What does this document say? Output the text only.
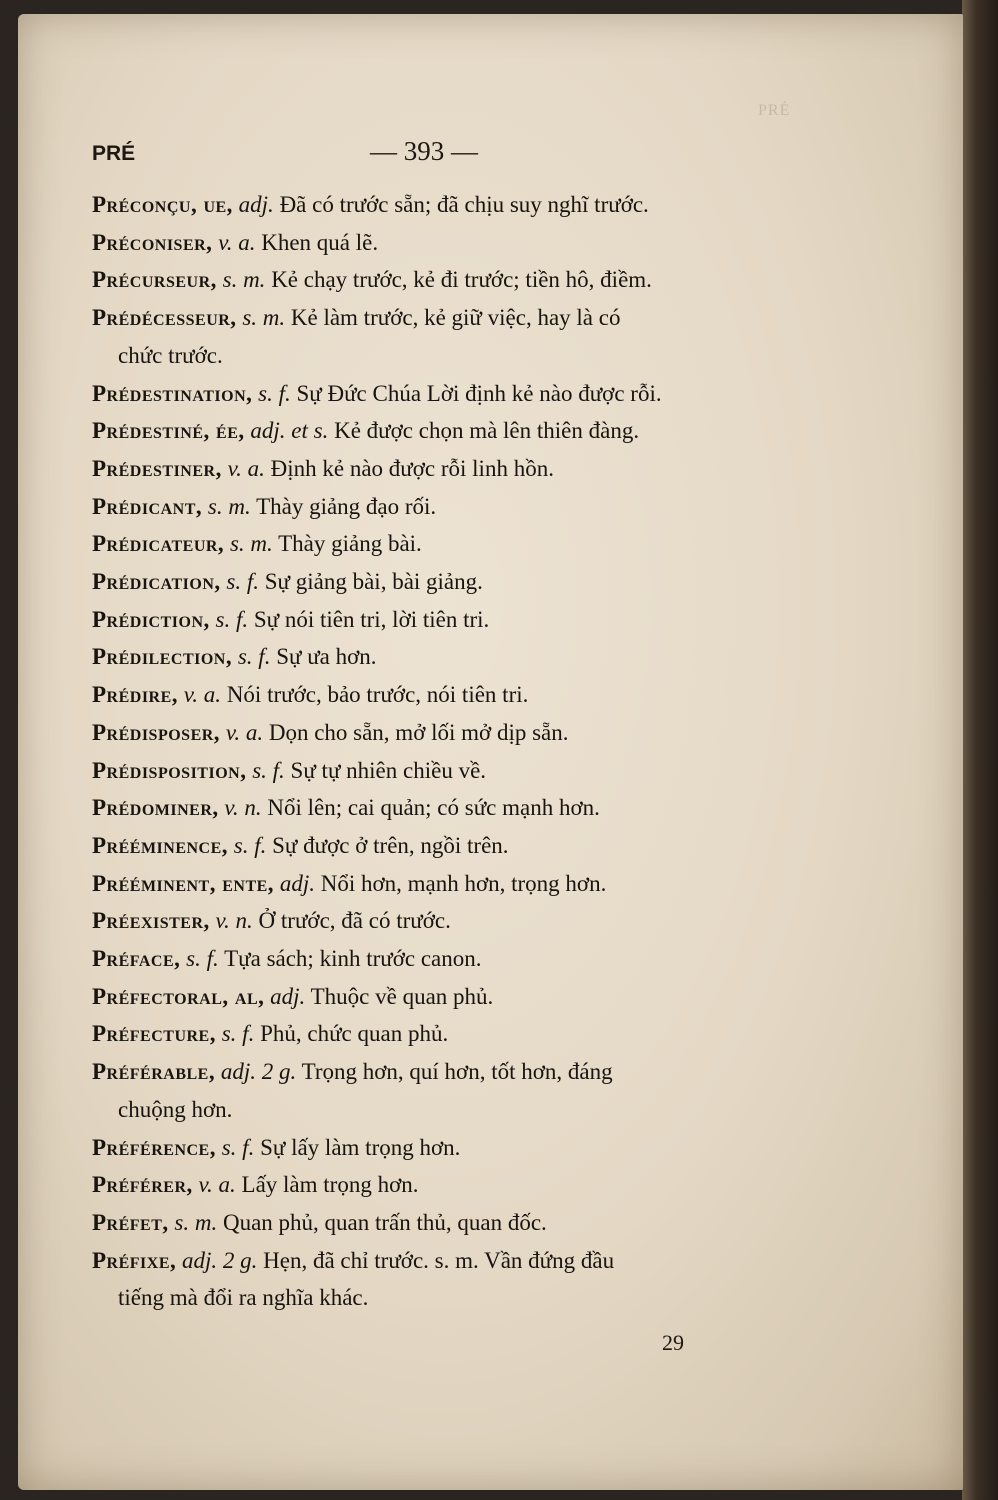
PRÉ
PRÉ	— 393 —

Préconçu, ue, adj. Đã có trước sẵn; đã chịu suy nghĩ trước.

Préconiser, v. a. Khen quá lẽ.

Précurseur, s. m. Kẻ chạy trước, kẻ đi trước; tiền hô, điềm.

Prédécesseur, s. m. Kẻ làm trước, kẻ giữ việc, hay là có
chức trước.

Prédestination, s. f. Sự Đức Chúa Lời định kẻ nào được rỗi.

Prédestiné, ée, adj. et s. Kẻ được chọn mà lên thiên đàng.

Prédestiner, v. a. Định kẻ nào được rỗi linh hồn.

Prédicant, s. m. Thày giảng đạo rối.

Prédicateur, s. m. Thày giảng bài.

Prédication, s. f. Sự giảng bài, bài giảng.

Prédiction, s. f. Sự nói tiên tri, lời tiên tri.

Prédilection, s. f. Sự ưa hơn.

Prédire, v. a. Nói trước, bảo trước, nói tiên tri.

Prédisposer, v. a. Dọn cho sẵn, mở lối mở dịp sẵn.

Prédisposition, s. f. Sự tự nhiên chiều về.

Prédominer, v. n. Nổi lên; cai quản; có sức mạnh hơn.

Prééminence, s. f. Sự được ở trên, ngồi trên.

Prééminent, ente, adj. Nổi hơn, mạnh hơn, trọng hơn.

Préexister, v. n. Ở trước, đã có trước.

Préface, s. f. Tựa sách; kinh trước canon.

Préfectoral, al, adj. Thuộc về quan phủ.

Préfecture, s. f. Phủ, chức quan phủ.

Préférable, adj. 2 g. Trọng hơn, quí hơn, tốt hơn, đáng
chuộng hơn.

Préférence, s. f. Sự lấy làm trọng hơn.

Préférer, v. a. Lấy làm trọng hơn.

Préfet, s. m. Quan phủ, quan trấn thủ, quan đốc.

Préfixe, adj. 2 g. Hẹn, đã chỉ trước. s. m. Vần đứng đầu
tiếng mà đổi ra nghĩa khác.

29
